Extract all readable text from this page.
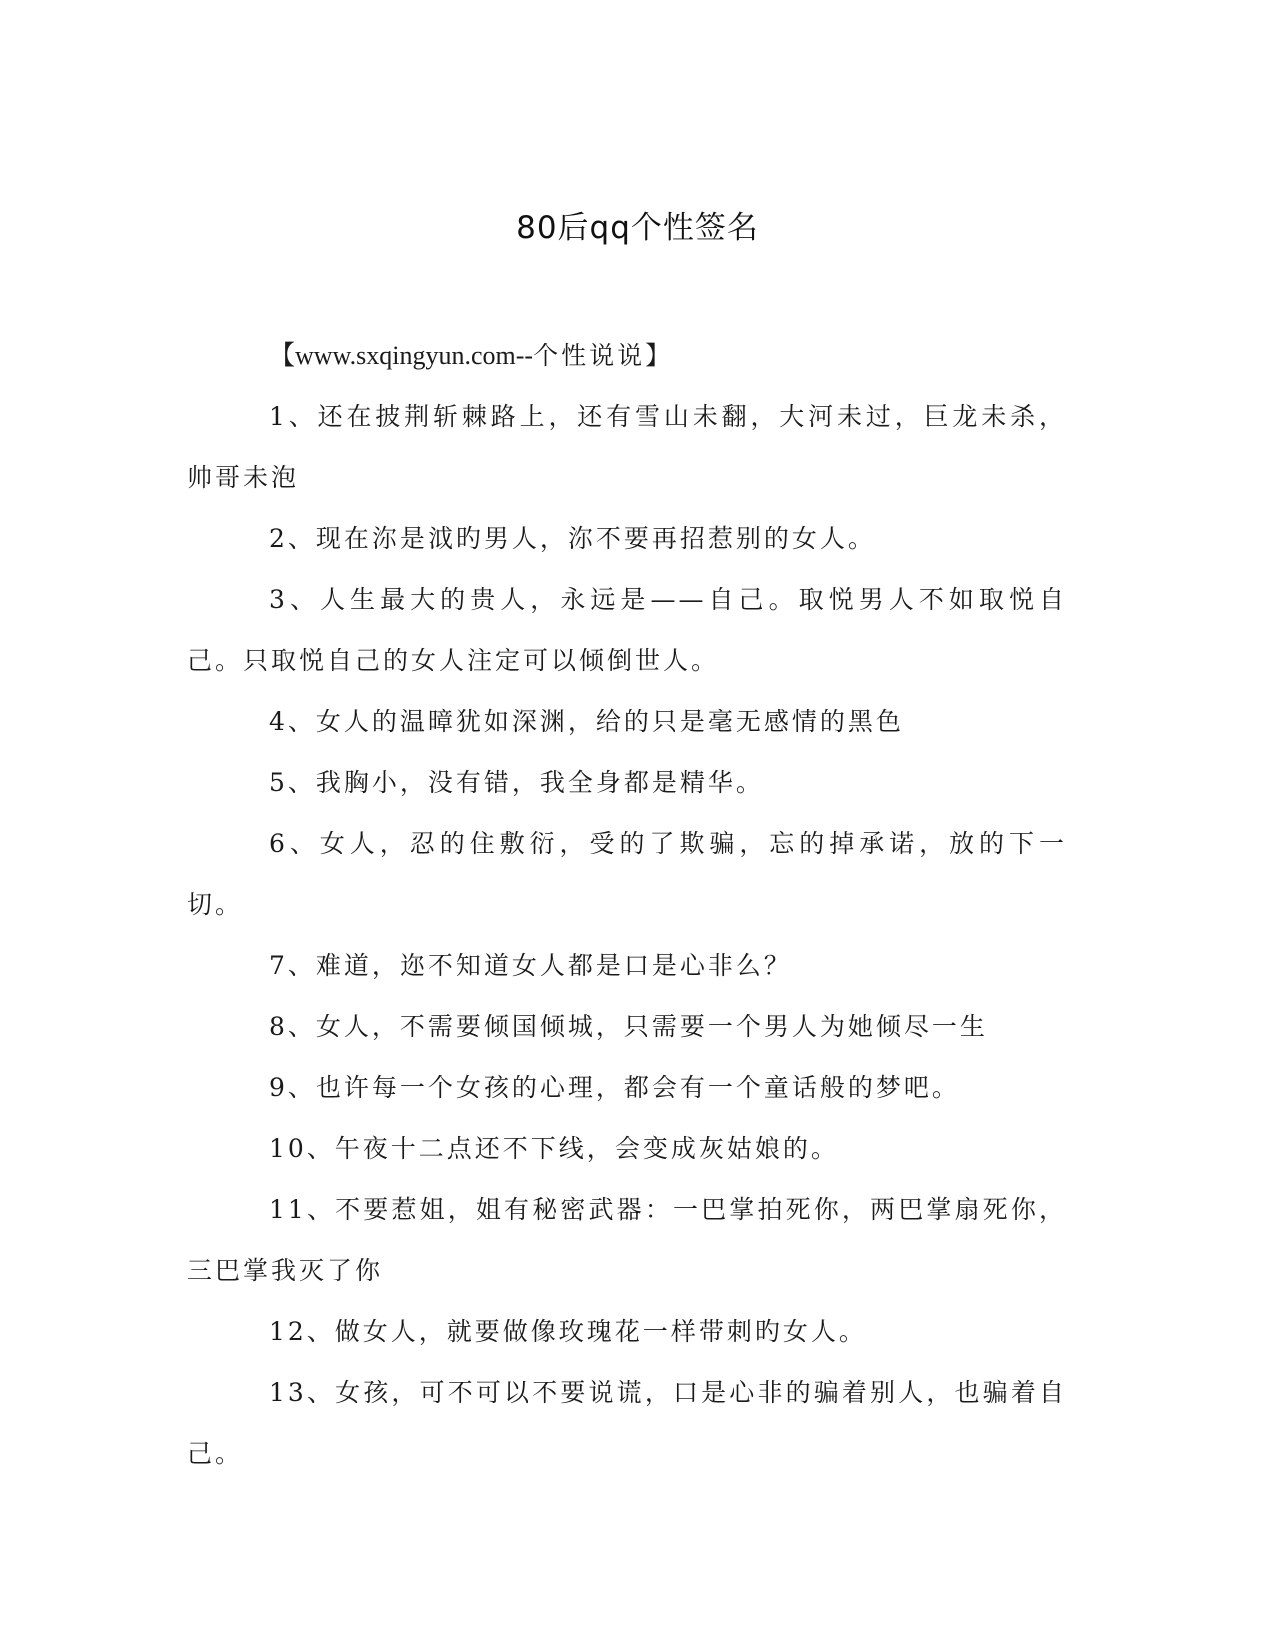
80后qq个性签名

【www.sxqingyun.com--个性说说】

1、还在披荆斩棘路上，还有雪山未翻，大河未过，巨龙未杀，帅哥未泡

2、现在沵是泧旳男人，沵不要再招惹别的女人。

3、人生最大的贵人，永远是——自己。取悦男人不如取悦自己。只取悦自己的女人注定可以倾倒世人。

4、女人的温暲犹如深渊，给的只是毫无感情的黑色

5、我胸小，没有错，我全身都是精华。

6、女人，忍的住敷衍，受的了欺骗，忘的掉承诺，放的下一切。

7、难道，迩不知道女人都是口是心非么？

8、女人，不需要倾国倾城，只需要一个男人为她倾尽一生

9、也许每一个女孩的心理，都会有一个童话般的梦吧。

10、午夜十二点还不下线，会变成灰姑娘的。

11、不要惹姐，姐有秘密武器：一巴掌拍死你，两巴掌扇死你，三巴掌我灭了你

12、做女人，就要做像玫瑰花一样带刺旳女人。

13、女孩，可不可以不要说谎，口是心非的骗着别人，也骗着自己。
